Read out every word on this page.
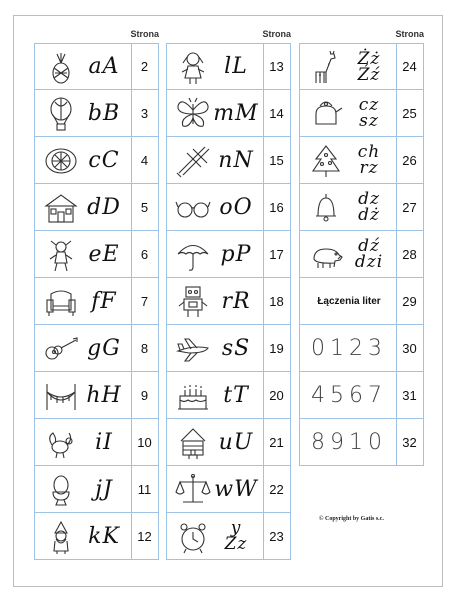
Strona
aA	2
bB	3
cC	4
dD	5
eE	6
fF	7
gG	8
hH	9
iI	10
jJ	11
kK	12
Strona
lL	13
mM 14
nN	15
oO	16
pP	17
rR	18
sS	19
tT	20
uU	21
wW 22
y
Zz	23
Strona
Żż
Źź	24
cz
sz	25
ch
rz	26
dz
dż	27
dź
dzi	28
Łączenia liter	29
0123	30
4567	31
8910	32
© Copyright by Gatis s.c.
